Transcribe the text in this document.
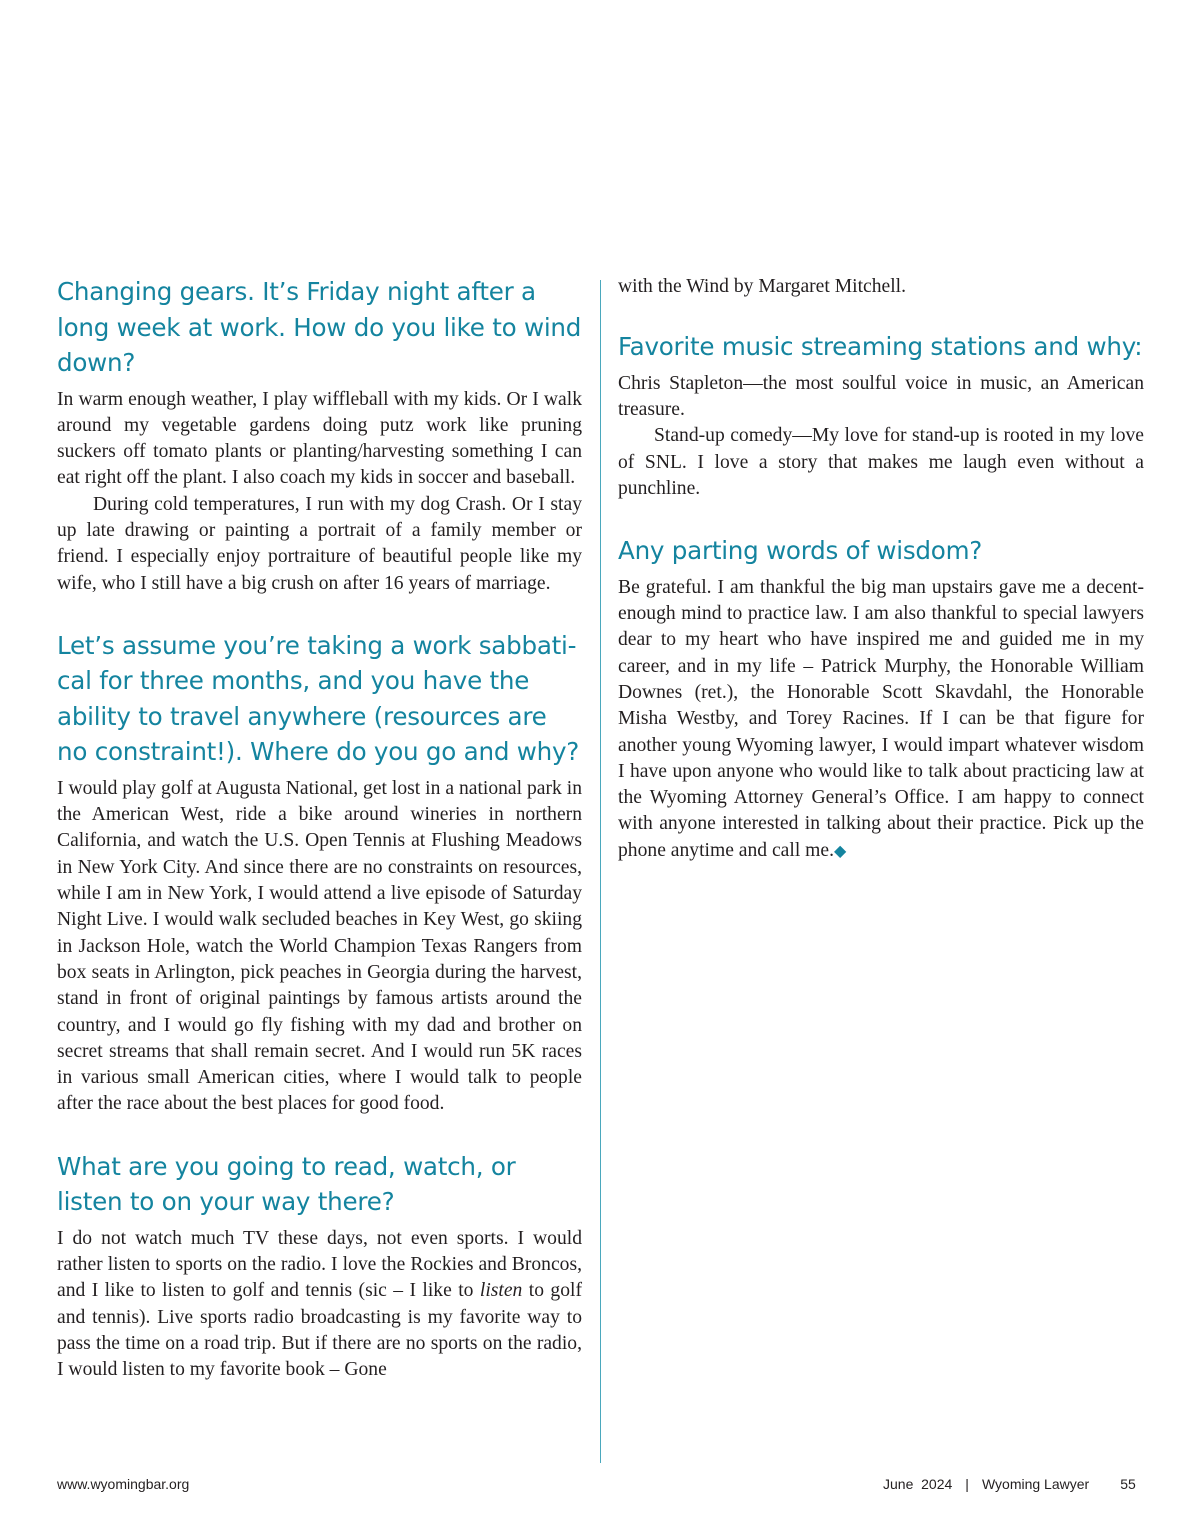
Changing gears. It’s Friday night after a long week at work. How do you like to wind down?

In warm enough weather, I play wiffleball with my kids. Or I walk around my vegetable gardens doing putz work like pruning suckers off tomato plants or planting/harvesting something I can eat right off the plant. I also coach my kids in soccer and baseball.

During cold temperatures, I run with my dog Crash. Or I stay up late drawing or painting a portrait of a family member or friend. I especially enjoy portraiture of beautiful people like my wife, who I still have a big crush on after 16 years of marriage.

Let’s assume you’re taking a work sabbatical for three months, and you have the ability to travel anywhere (resources are no constraint!). Where do you go and why?

I would play golf at Augusta National, get lost in a national park in the American West, ride a bike around wineries in northern California, and watch the U.S. Open Tennis at Flushing Meadows in New York City. And since there are no constraints on resources, while I am in New York, I would attend a live episode of Saturday Night Live. I would walk secluded beaches in Key West, go skiing in Jackson Hole, watch the World Champion Texas Rangers from box seats in Arlington, pick peaches in Georgia during the harvest, stand in front of original paintings by famous artists around the country, and I would go fly fishing with my dad and brother on secret streams that shall remain secret. And I would run 5K races in various small American cities, where I would talk to people after the race about the best places for good food.

What are you going to read, watch, or listen to on your way there?

I do not watch much TV these days, not even sports. I would rather listen to sports on the radio. I love the Rockies and Broncos, and I like to listen to golf and tennis (sic – I like to listen to golf and tennis). Live sports radio broadcasting is my favorite way to pass the time on a road trip. But if there are no sports on the radio, I would listen to my favorite book – Gone

with the Wind by Margaret Mitchell.

Favorite music streaming stations and why:

Chris Stapleton—the most soulful voice in music, an American treasure.

Stand-up comedy—My love for stand-up is rooted in my love of SNL. I love a story that makes me laugh even without a punchline.

Any parting words of wisdom?

Be grateful. I am thankful the big man upstairs gave me a decent-enough mind to practice law. I am also thankful to special lawyers dear to my heart who have inspired me and guided me in my career, and in my life – Patrick Murphy, the Honorable William Downes (ret.), the Honorable Scott Skavdahl, the Honorable Misha Westby, and Torey Racines. If I can be that figure for another young Wyoming lawyer, I would impart whatever wisdom I have upon anyone who would like to talk about practicing law at the Wyoming Attorney General’s Office. I am happy to connect with anyone interested in talking about their practice. Pick up the phone anytime and call me.◆

www.wyomingbar.org	June  2024 | Wyoming Lawyer 55
